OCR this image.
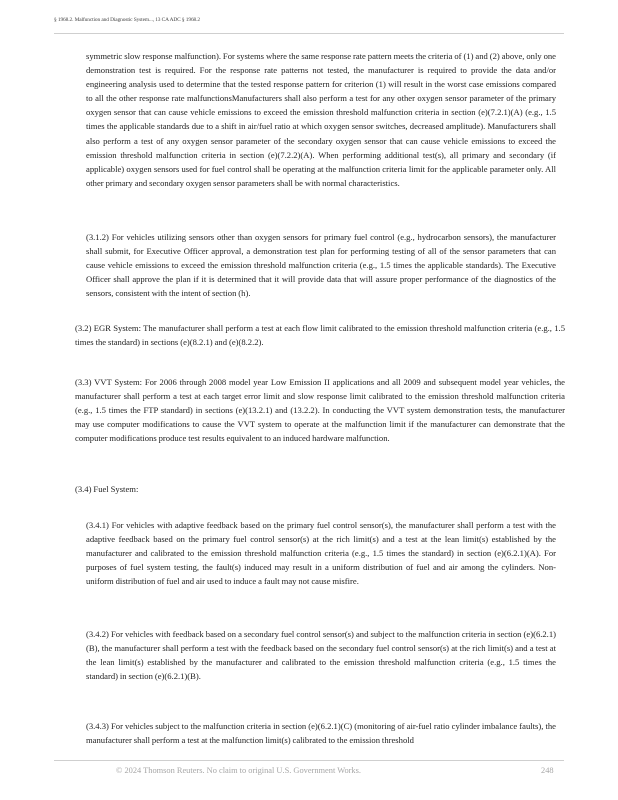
§ 1968.2. Malfunction and Diagnostic System..., 13 CA ADC § 1968.2

symmetric slow response malfunction). For systems where the same response rate pattern meets the criteria of (1) and (2) above, only one demonstration test is required. For the response rate patterns not tested, the manufacturer is required to provide the data and/or engineering analysis used to determine that the tested response pattern for criterion (1) will result in the worst case emissions compared to all the other response rate malfunctionsManufacturers shall also perform a test for any other oxygen sensor parameter of the primary oxygen sensor that can cause vehicle emissions to exceed the emission threshold malfunction criteria in section (e)(7.2.1)(A) (e.g., 1.5 times the applicable standards due to a shift in air/fuel ratio at which oxygen sensor switches, decreased amplitude). Manufacturers shall also perform a test of any oxygen sensor parameter of the secondary oxygen sensor that can cause vehicle emissions to exceed the emission threshold malfunction criteria in section (e)(7.2.2)(A). When performing additional test(s), all primary and secondary (if applicable) oxygen sensors used for fuel control shall be operating at the malfunction criteria limit for the applicable parameter only. All other primary and secondary oxygen sensor parameters shall be with normal characteristics.

(3.1.2) For vehicles utilizing sensors other than oxygen sensors for primary fuel control (e.g., hydrocarbon sensors), the manufacturer shall submit, for Executive Officer approval, a demonstration test plan for performing testing of all of the sensor parameters that can cause vehicle emissions to exceed the emission threshold malfunction criteria (e.g., 1.5 times the applicable standards). The Executive Officer shall approve the plan if it is determined that it will provide data that will assure proper performance of the diagnostics of the sensors, consistent with the intent of section (h).

(3.2) EGR System: The manufacturer shall perform a test at each flow limit calibrated to the emission threshold malfunction criteria (e.g., 1.5 times the standard) in sections (e)(8.2.1) and (e)(8.2.2).

(3.3) VVT System: For 2006 through 2008 model year Low Emission II applications and all 2009 and subsequent model year vehicles, the manufacturer shall perform a test at each target error limit and slow response limit calibrated to the emission threshold malfunction criteria (e.g., 1.5 times the FTP standard) in sections (e)(13.2.1) and (13.2.2). In conducting the VVT system demonstration tests, the manufacturer may use computer modifications to cause the VVT system to operate at the malfunction limit if the manufacturer can demonstrate that the computer modifications produce test results equivalent to an induced hardware malfunction.

(3.4) Fuel System:

(3.4.1) For vehicles with adaptive feedback based on the primary fuel control sensor(s), the manufacturer shall perform a test with the adaptive feedback based on the primary fuel control sensor(s) at the rich limit(s) and a test at the lean limit(s) established by the manufacturer and calibrated to the emission threshold malfunction criteria (e.g., 1.5 times the standard) in section (e)(6.2.1)(A). For purposes of fuel system testing, the fault(s) induced may result in a uniform distribution of fuel and air among the cylinders. Non-uniform distribution of fuel and air used to induce a fault may not cause misfire.

(3.4.2) For vehicles with feedback based on a secondary fuel control sensor(s) and subject to the malfunction criteria in section (e)(6.2.1)(B), the manufacturer shall perform a test with the feedback based on the secondary fuel control sensor(s) at the rich limit(s) and a test at the lean limit(s) established by the manufacturer and calibrated to the emission threshold malfunction criteria (e.g., 1.5 times the standard) in section (e)(6.2.1)(B).

(3.4.3) For vehicles subject to the malfunction criteria in section (e)(6.2.1)(C) (monitoring of air-fuel ratio cylinder imbalance faults), the manufacturer shall perform a test at the malfunction limit(s) calibrated to the emission threshold

© 2024 Thomson Reuters. No claim to original U.S. Government Works.	248
